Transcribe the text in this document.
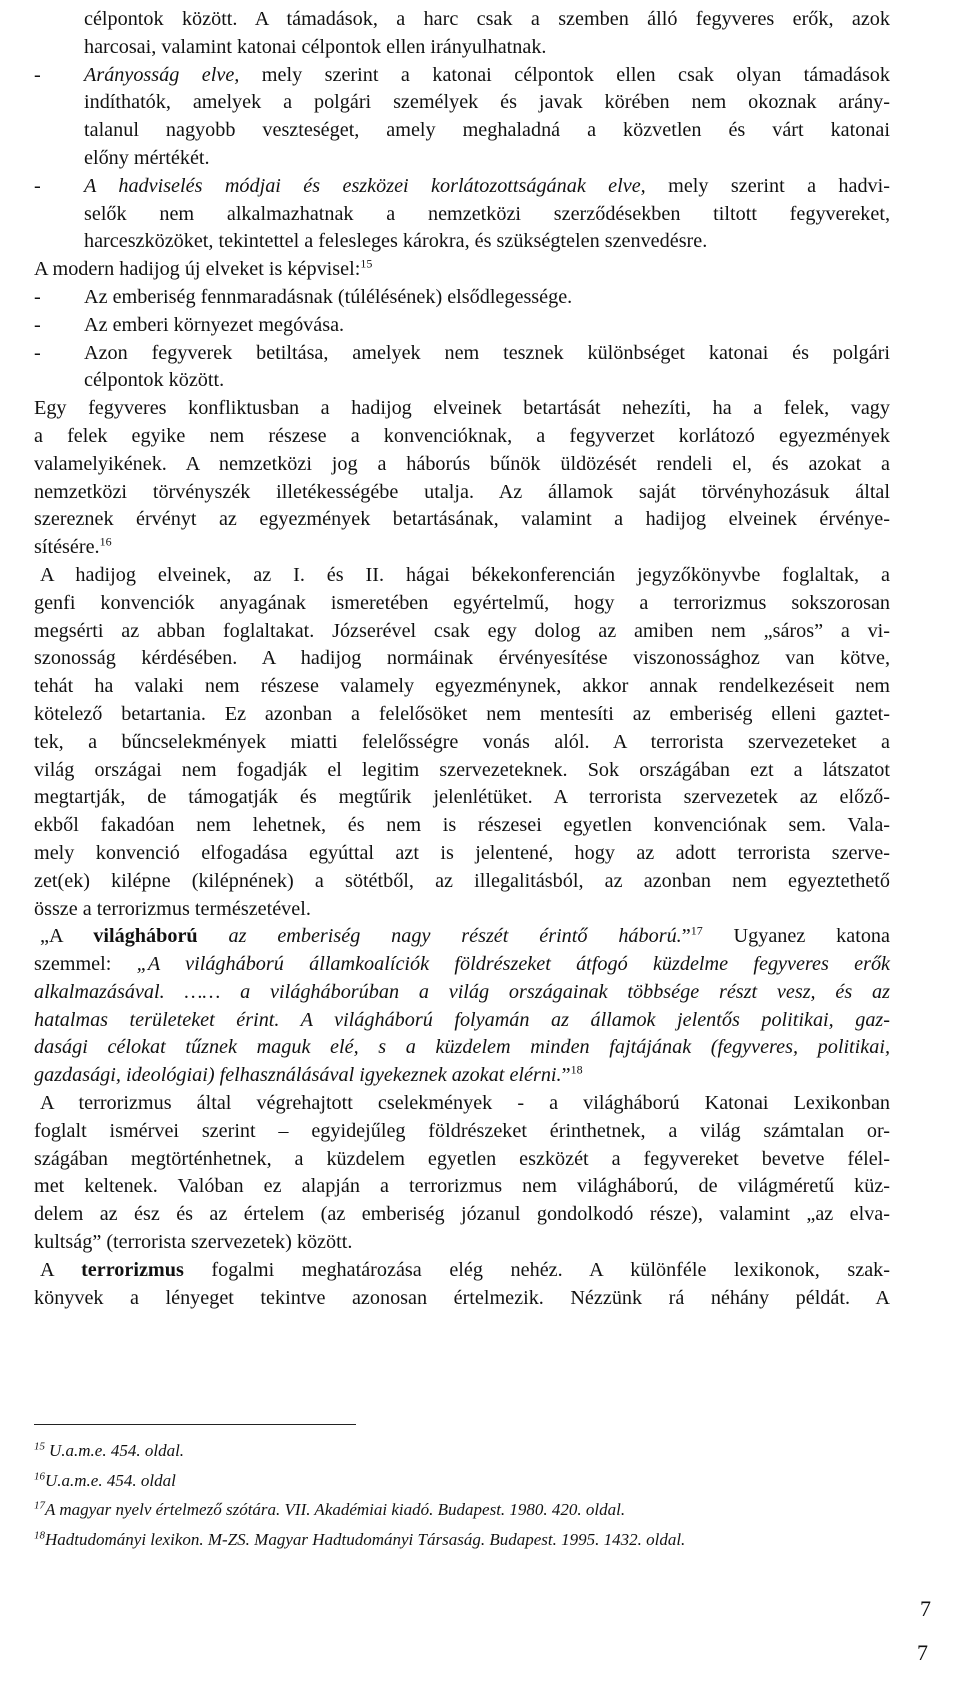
célpontok között. A támadások, a harc csak a szemben álló fegyveres erők, azok
harcosai, valamint katonai célpontok ellen irányulhatnak.
- Arányosság elve, mely szerint a katonai célpontok ellen csak olyan támadások
indíthatók, amelyek a polgári személyek és javak körében nem okoznak arány-
talanul nagyobb veszteséget, amely meghaladná a közvetlen és várt katonai
előny mértékét.
- A hadviselés módjai és eszközei korlátozottságának elve, mely szerint a hadvi-
selők nem alkalmazhatnak a nemzetközi szerződésekben tiltott fegyvereket,
harceszközöket, tekintettel a felesleges károkra, és szükségtelen szenvedésre.
A modern hadijog új elveket is képvisel:$^{15}$
- Az emberiség fennmaradásnak (túlélésének) elsődlegessége.
- Az emberi környezet megóvása.
- Azon fegyverek betiltása, amelyek nem tesznek különbséget katonai és polgári
célpontok között.
Egy fegyveres konfliktusban a hadijog elveinek betartását nehezíti, ha a felek, vagy
a felek egyike nem részese a konvencióknak, a fegyverzet korlátozó egyezmények
valamelyikének. A nemzetközi jog a háborús bűnök üldözését rendeli el, és azokat a
nemzetközi törvényszék illetékességébe utalja. Az államok saját törvényhozásuk által
szereznek érvényt az egyezmények betartásának, valamint a hadijog elveinek érvénye-
sítésére.$^{16}$
A hadijog elveinek, az I. és II. hágai békekonferencián jegyzőkönyvbe foglaltak, a
genfi konvenciók anyagának ismeretében egyértelmű, hogy a terrorizmus sokszorosan
megsérti az abban foglaltakat. Józserével csak egy dolog az amiben nem „sáros” a vi-
szonosság kérdésében. A hadijog normáinak érvényesítése viszonossághoz van kötve,
tehát ha valaki nem részese valamely egyezménynek, akkor annak rendelkezéseit nem
kötelező betartania. Ez azonban a felelősöket nem mentesíti az emberiség elleni gaztet-
tek, a bűncselekmények miatti felelősségre vonás alól. A terrorista szervezeteket a
világ országai nem fogadják el legitim szervezeteknek. Sok országában ezt a látszatot
megtartják, de támogatják és megtűrik jelenlétüket. A terrorista szervezetek az előző-
ekből fakadóan nem lehetnek, és nem is részesei egyetlen konvenciónak sem. Vala-
mely konvenció elfogadása egyúttal azt is jelentené, hogy az adott terrorista szerve-
zet(ek) kilépne (kilépnének) a sötétből, az illegalitásból, az azonban nem egyeztethető
össze a terrorizmus természetével.
„A világháború az emberiség nagy részét érintő háború.”$^{17}$ Ugyanez katona
szemmel: „A világháború államkoalíciók földrészeket átfogó küzdelme fegyveres erők
alkalmazásával. …… a világháborúban a világ országainak többsége részt vesz, és az
hatalmas területeket érint. A világháború folyamán az államok jelentős politikai, gaz-
dasági célokat tűznek maguk elé, s a küzdelem minden fajtájának (fegyveres, politikai,
gazdasági, ideológiai) felhasználásával igyekeznek azokat elérni.”$^{18}$
A terrorizmus által végrehajtott cselekmények - a világháború Katonai Lexikonban
foglalt ismérvei szerint – egyidejűleg földrészeket érinthetnek, a világ számtalan or-
szágában megtörténhetnek, a küzdelem egyetlen eszközét a fegyvereket bevetve félel-
met keltenek. Valóban ez alapján a terrorizmus nem világháború, de világméretű küz-
delem az ész és az értelem (az emberiség józanul gondolkodó része), valamint „az elva-
kultság” (terrorista szervezetek) között.
A terrorizmus fogalmi meghatározása elég nehéz. A különféle lexikonok, szak-
könyvek a lényeget tekintve azonosan értelmezik. Nézzünk rá néhány példát. A
$^{15}$ U.a.m.e. 454. oldal.
$^{16}$U.a.m.e. 454. oldal
$^{17}$A magyar nyelv értelmező szótára. VII. Akadémiai kiadó. Budapest. 1980. 420. oldal.
$^{18}$Hadtudományi lexikon. M-ZS. Magyar Hadtudományi Társaság. Budapest. 1995. 1432. oldal.
7
7
